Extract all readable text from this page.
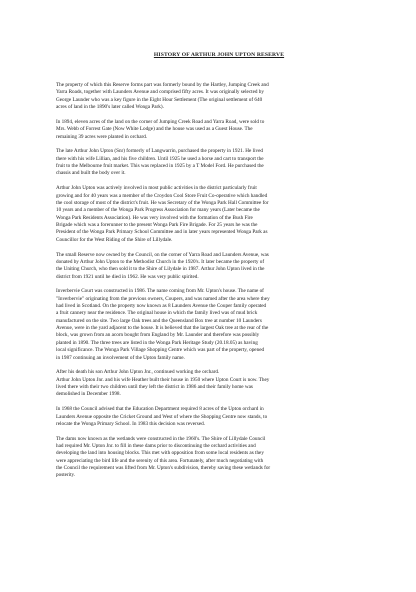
HISTORY OF ARTHUR JOHN UPTON RESERVE
The property of which this Reserve forms part was formerly bound by the Hartley, Jumping Creek and
Yarra Roads, together with Launders Avenue and comprised fifty acres. It was originally selected by
George Launder who was a key figure in the Eight Hour Settlement (The original settlement of 640
acres of land in the 1890's later called Wonga Park).
In 1894, eleven acres of the land on the corner of Jumping Creek Road and Yarra Road, were sold to
Mrs. Webb of Forrest Gate (Now White Lodge) and the house was used as a Guest House. The
remaining 39 acres were planted in orchard.
The late Arthur John Upton (Snr) formerly of Langwarrin, purchased the property in 1921. He lived
there with his wife Lillian, and his five children. Until 1925 he used a horse and cart to transport the
fruit to the Melbourne fruit market. This was replaced in 1925 by a T Model Ford. He purchased the
chassis and built the body over it.
Arthur John Upton was actively involved in most public activities in the district particularly fruit
growing and for 40 years was a member of the Croydon Cool Store Fruit Co-operative which handled
the cool storage of most of the district's fruit. He was Secretary of the Wonga Park Hall Committee for
10 years and a member of the Wonga Park Progress Association for many years (Later became the
Wonga Park Residents Association). He was very involved with the formation of the Bush Fire
Brigade which was a forerunner to the present Wonga Park Fire Brigade. For 25 years he was the
President of the Wonga Park Primary School Committee and in later years represented Wonga Park as
Councillor for the West Riding of the Shire of Lillydale.
The small Reserve now owned by the Council, on the corner of Yarra Road and Launders Avenue, was
donated by Arthur John Upton to the Methodist Church in the 1920's. It later became the property of
the Uniting Church, who then sold it to the Shire of Lilydale in 1987. Arthur John Upton lived in the
district from 1921 until he died in 1962. He was very public spirited.
Inverbervie Court was constructed in 1986. The name coming from Mr. Upton's house. The name of
"Inverbervie" originating from the previous owners, Coupers, and was named after the area where they
had lived in Scotland. On the property now known as 8 Launders Avenue the Couper family operated
a fruit cannery near the residence. The original house in which the family lived was of mud brick
manufactured on the site. Two large Oak trees and the Queensland Box tree at number 10 Launders
Avenue, were in the yard adjacent to the house. It is believed that the largest Oak tree at the rear of the
block, was grown from an acorn bought from England by Mr. Launder and therefore was possibly
planted in 1890. The three trees are listed in the Wonga Park Heritage Study (20.18.05) as having
local significance. The Wonga Park Village Shopping Centre which was part of the property, opened
in 1987 continuing an involvement of the Upton family name.
After his death his son Arthur John Upton Jnr., continued working the orchard.
Arthur John Upton Jnr. and his wife Heather built their house in 1950 where Upton Court is now. They
lived there with their two children until they left the district in 1986 and their family home was
demolished in December 1998.
In 1968 the Council advised that the Education Department required 8 acres of the Upton orchard in
Launders Avenue opposite the Cricket Ground and West of where the Shopping Centre now stands, to
relocate the Wonga Primary School. In 1983 this decision was reversed.
The dams now known as the wetlands were constructed in the 1960's. The Shire of Lillydale Council
had required Mr. Upton Jnr. to fill in these dams prior to discontinuing the orchard activities and
developing the land into housing blocks. This met with opposition from some local residents as they
were appreciating the bird life and the serenity of this area. Fortunately, after much negotiating with
the Council the requirement was lifted from Mr. Upton's subdivision, thereby saving these wetlands for
posterity.
